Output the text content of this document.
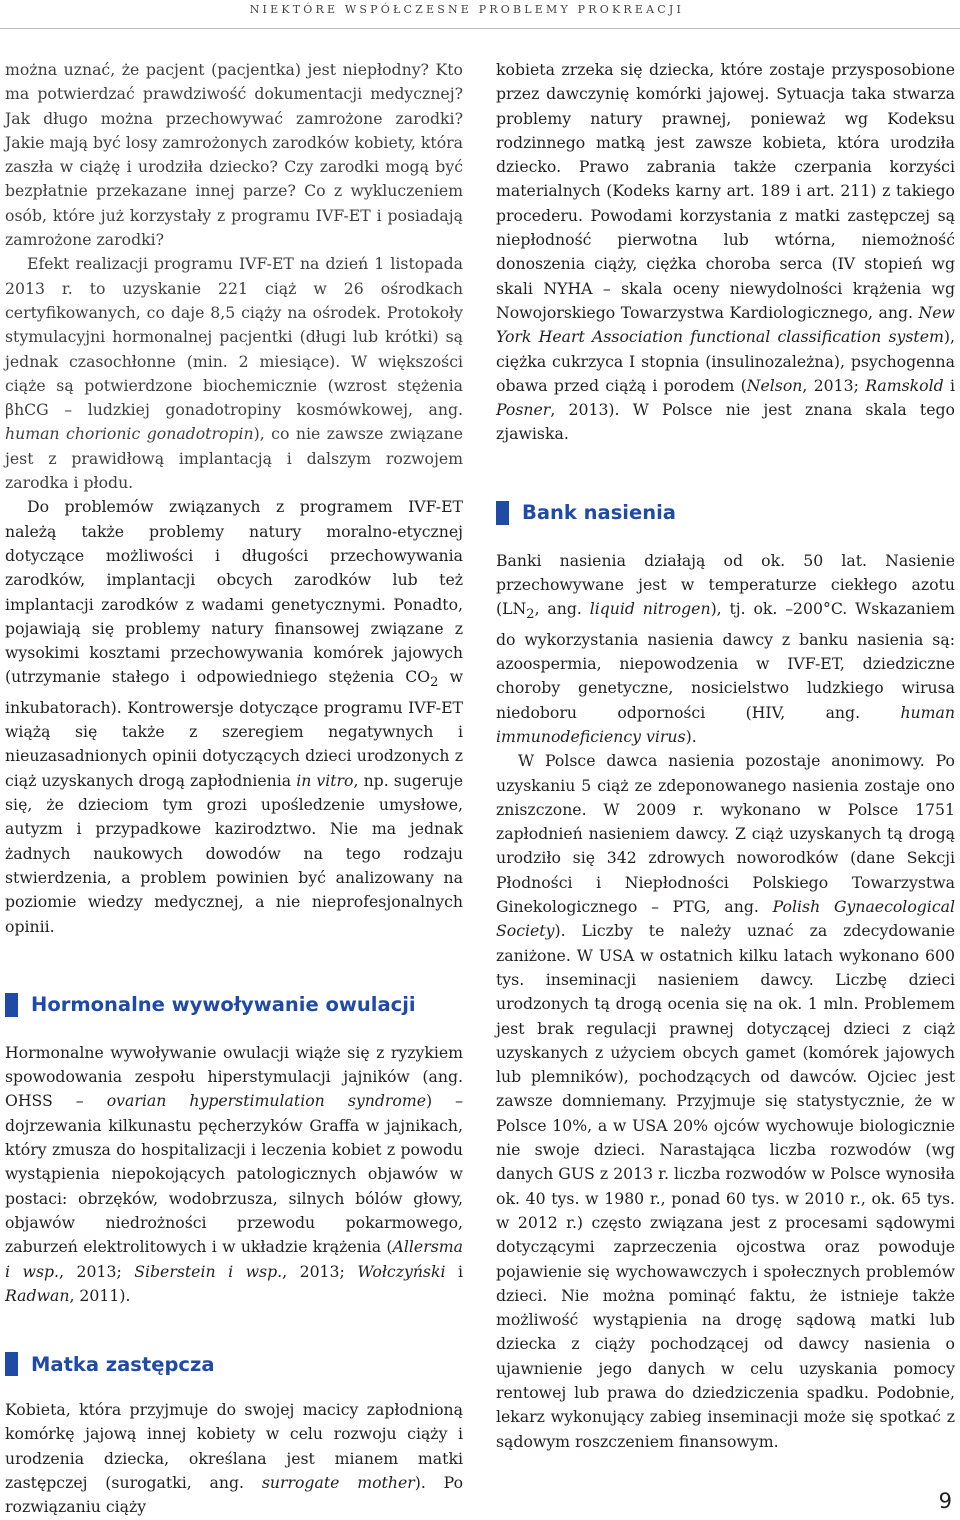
NIEKTÓRE WSPÓŁCZESNE PROBLEMY PROKREACJI

można uznać, że pacjent (pacjentka) jest niepłodny? Kto ma potwierdzać prawdziwość dokumentacji medycznej? Jak długo można przechowywać zamrożone zarodki? Jakie mają być losy zamrożonych zarodków kobiety, która zaszła w ciążę i urodziła dziecko? Czy zarodki mogą być bezpłatnie przekazane innej parze? Co z wykluczeniem osób, które już korzystały z programu IVF-ET i posiadają zamrożone zarodki?

Efekt realizacji programu IVF-ET na dzień 1 listopada 2013 r. to uzyskanie 221 ciąż w 26 ośrodkach certyfikowanych, co daje 8,5 ciąży na ośrodek. Protokoły stymulacyjni hormonalnej pacjentki (długi lub krótki) są jednak czasochłonne (min. 2 miesiące). W większości ciąże są potwierdzone biochemicznie (wzrost stężenia βhCG – ludzkiej gonadotropiny kosmówkowej, ang. human chorionic gonadotropin), co nie zawsze związane jest z prawidłową implantacją i dalszym rozwojem zarodka i płodu.

Do problemów związanych z programem IVF-ET należą także problemy natury moralno-etycznej dotyczące możliwości i długości przechowywania zarodków, implantacji obcych zarodków lub też implantacji zarodków z wadami genetycznymi. Ponadto, pojawiają się problemy natury finansowej związane z wysokimi kosztami przechowywania komórek jajowych (utrzymanie stałego i odpowiedniego stężenia $CO_2$ w inkubatorach). Kontrowersje dotyczące programu IVF-ET wiążą się także z szeregiem negatywnych i nieuzasadnionych opinii dotyczących dzieci urodzonych z ciąż uzyskanych drogą zapłodnienia in vitro, np. sugeruje się, że dzieciom tym grozi upośledzenie umysłowe, autyzm i przypadkowe kazirodztwo. Nie ma jednak żadnych naukowych dowodów na tego rodzaju stwierdzenia, a problem powinien być analizowany na poziomie wiedzy medycznej, a nie nieprofesjonalnych opinii.

Hormonalne wywoływanie owulacji

Hormonalne wywoływanie owulacji wiąże się z ryzykiem spowodowania zespołu hiperstymulacji jajników (ang. OHSS – ovarian hyperstimulation syndrome) – dojrzewania kilkunastu pęcherzyków Graffa w jajnikach, który zmusza do hospitalizacji i leczenia kobiet z powodu wystąpienia niepokojących patologicznych objawów w postaci: obrzęków, wodobrzusza, silnych bólów głowy, objawów niedrożności przewodu pokarmowego, zaburzeń elektrolitowych i w układzie krążenia (Allersma i wsp., 2013; Siberstein i wsp., 2013; Wołczyński i Radwan, 2011).

Matka zastępcza

Kobieta, która przyjmuje do swojej macicy zapłodnioną komórkę jajową innej kobiety w celu rozwoju ciąży i urodzenia dziecka, określana jest mianem matki zastępczej (surogatki, ang. surrogate mother). Po rozwiązaniu ciąży

kobieta zrzeka się dziecka, które zostaje przysposobione przez dawczynię komórki jajowej. Sytuacja taka stwarza problemy natury prawnej, ponieważ wg Kodeksu rodzinnego matką jest zawsze kobieta, która urodziła dziecko. Prawo zabrania także czerpania korzyści materialnych (Kodeks karny art. 189 i art. 211) z takiego procederu. Powodami korzystania z matki zastępczej są niepłodność pierwotna lub wtórna, niemożność donoszenia ciąży, ciężka choroba serca (IV stopień wg skali NYHA – skala oceny niewydolności krążenia wg Nowojorskiego Towarzystwa Kardiologicznego, ang. New York Heart Association functional classification system), ciężka cukrzyca I stopnia (insulinozależna), psychogenna obawa przed ciążą i porodem (Nelson, 2013; Ramskold i Posner, 2013). W Polsce nie jest znana skala tego zjawiska.

Bank nasienia

Banki nasienia działają od ok. 50 lat. Nasienie przechowywane jest w temperaturze ciekłego azotu ($LN_2$, ang. liquid nitrogen), tj. ok. –200°C. Wskazaniem do wykorzystania nasienia dawcy z banku nasienia są: azoospermia, niepowodzenia w IVF-ET, dziedziczne choroby genetyczne, nosicielstwo ludzkiego wirusa niedoboru odporności (HIV, ang. human immunodeficiency virus).

W Polsce dawca nasienia pozostaje anonimowy. Po uzyskaniu 5 ciąż ze zdeponowanego nasienia zostaje ono zniszczone. W 2009 r. wykonano w Polsce 1751 zapłodnień nasieniem dawcy. Z ciąż uzyskanych tą drogą urodziło się 342 zdrowych noworodków (dane Sekcji Płodności i Niepłodności Polskiego Towarzystwa Ginekologicznego – PTG, ang. Polish Gynaecological Society). Liczby te należy uznać za zdecydowanie zaniżone. W USA w ostatnich kilku latach wykonano 600 tys. inseminacji nasieniem dawcy. Liczbę dzieci urodzonych tą drogą ocenia się na ok. 1 mln. Problemem jest brak regulacji prawnej dotyczącej dzieci z ciąż uzyskanych z użyciem obcych gamet (komórek jajowych lub plemników), pochodzących od dawców. Ojciec jest zawsze domniemany. Przyjmuje się statystycznie, że w Polsce 10%, a w USA 20% ojców wychowuje biologicznie nie swoje dzieci. Narastająca liczba rozwodów (wg danych GUS z 2013 r. liczba rozwodów w Polsce wynosiła ok. 40 tys. w 1980 r., ponad 60 tys. w 2010 r., ok. 65 tys. w 2012 r.) często związana jest z procesami sądowymi dotyczącymi zaprzeczenia ojcostwa oraz powoduje pojawienie się wychowawczych i społecznych problemów dzieci. Nie można pominąć faktu, że istnieje także możliwość wystąpienia na drogę sądową matki lub dziecka z ciąży pochodzącej od dawcy nasienia o ujawnienie jego danych w celu uzyskania pomocy rentowej lub prawa do dziedziczenia spadku. Podobnie, lekarz wykonujący zabieg inseminacji może się spotkać z sądowym roszczeniem finansowym.

9
